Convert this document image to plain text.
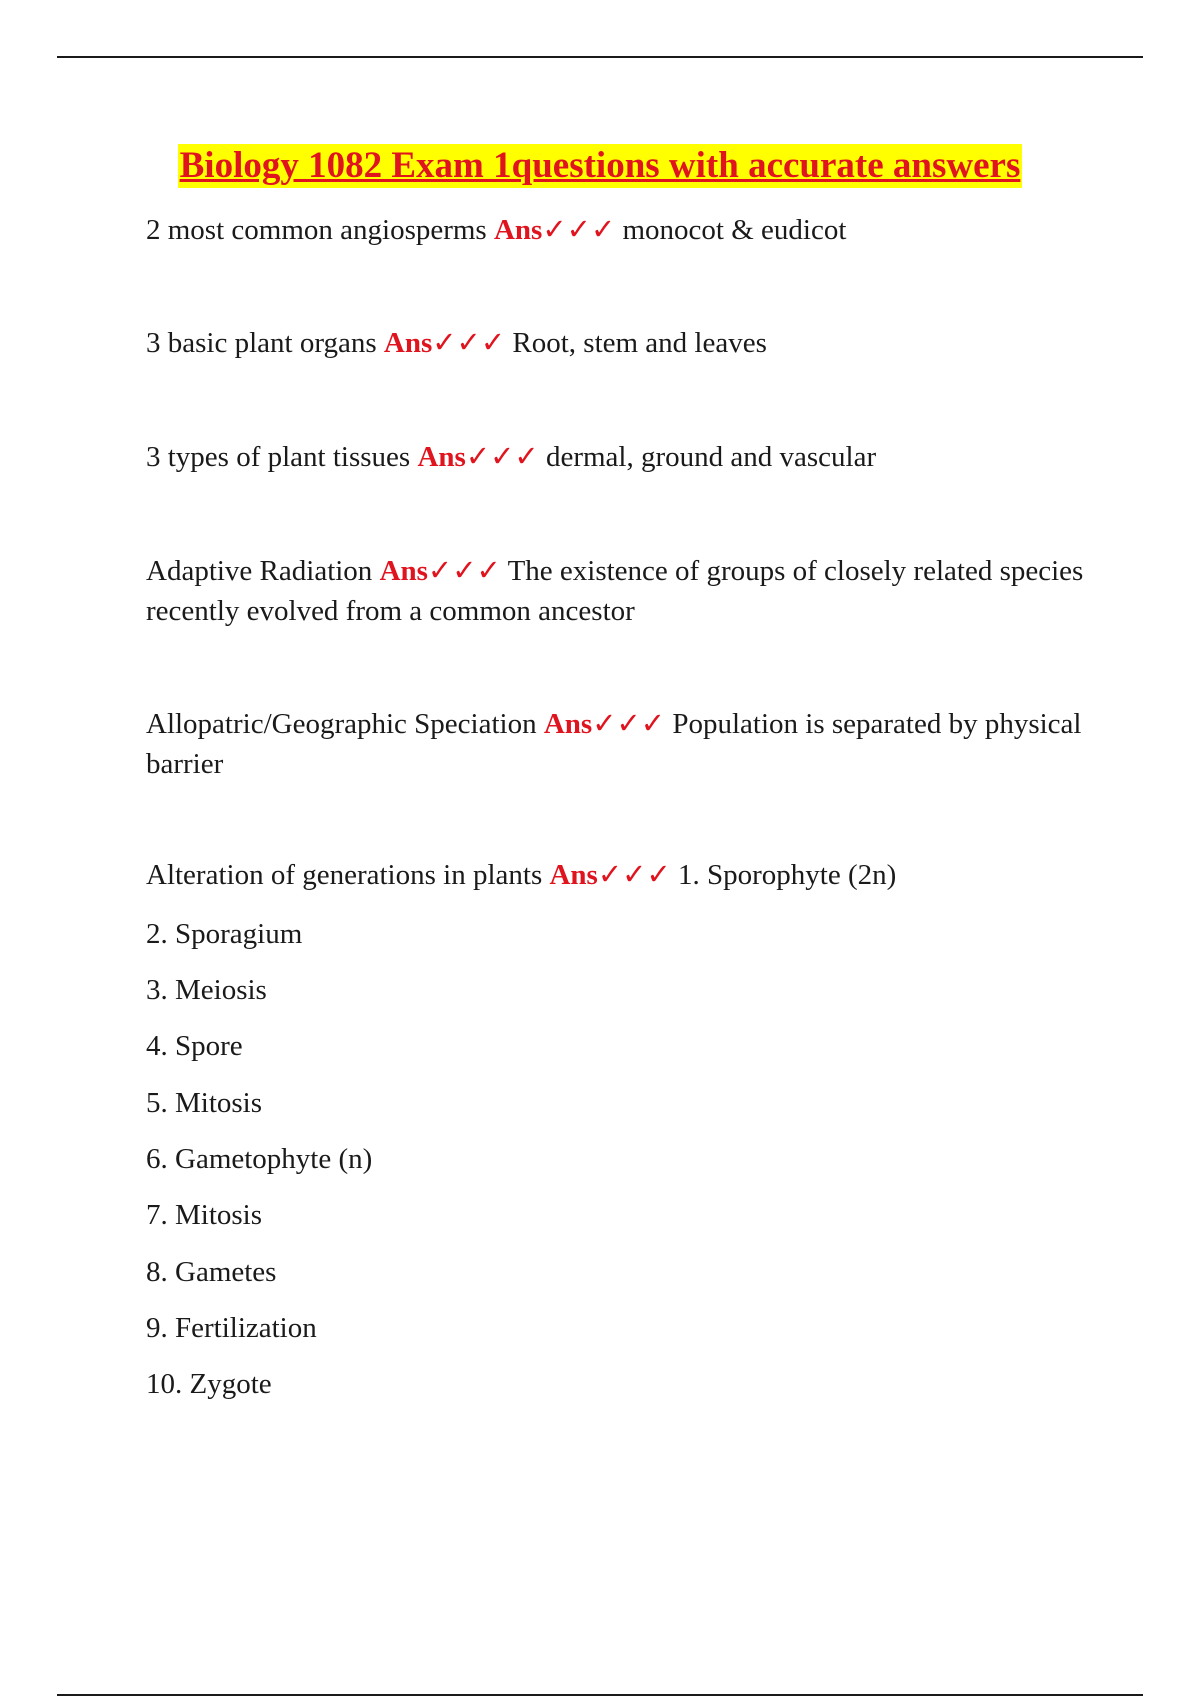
Biology 1082 Exam 1questions with accurate answers

2 most common angiosperms Ans✓✓✓ monocot & eudicot

3 basic plant organs Ans✓✓✓ Root, stem and leaves

3 types of plant tissues Ans✓✓✓ dermal, ground and vascular

Adaptive Radiation Ans✓✓✓ The existence of groups of closely related species recently evolved from a common ancestor

Allopatric/Geographic Speciation Ans✓✓✓ Population is separated by physical barrier

Alteration of generations in plants Ans✓✓✓ 1. Sporophyte (2n)

2. Sporagium

3. Meiosis

4. Spore

5. Mitosis

6. Gametophyte (n)

7. Mitosis

8. Gametes

9. Fertilization

10. Zygote
